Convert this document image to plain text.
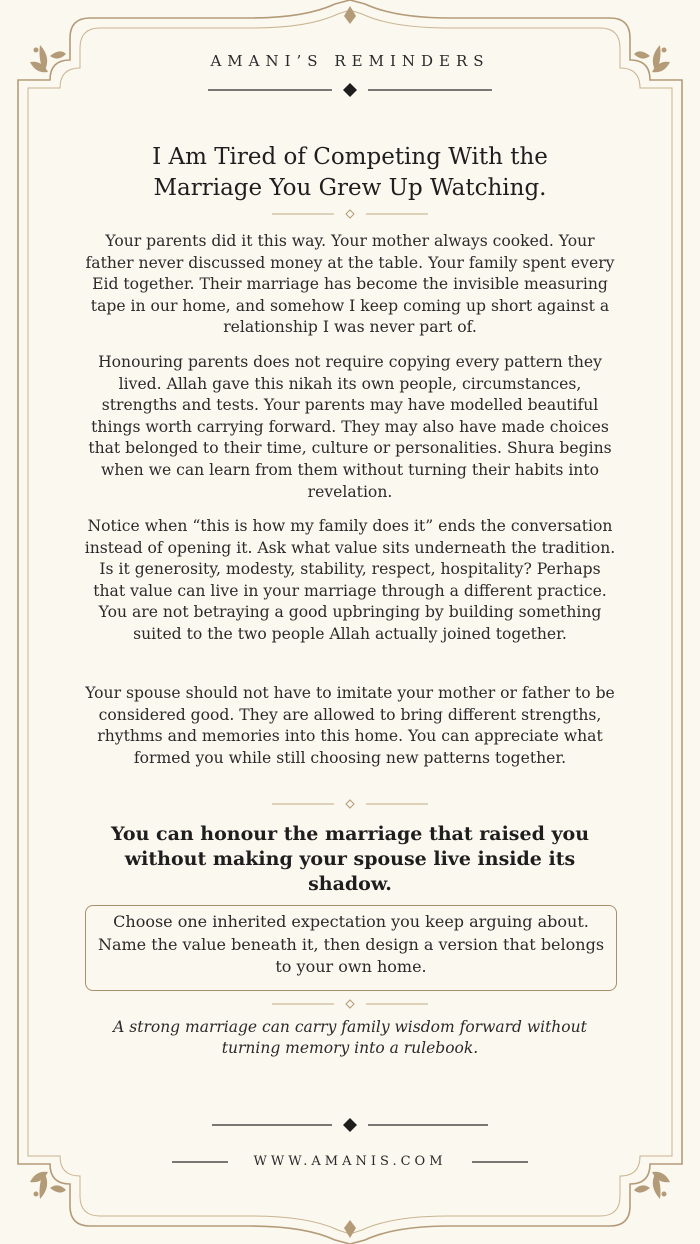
AMANI’S REMINDERS
I Am Tired of Competing With the
Marriage You Grew Up Watching.
Your parents did it this way. Your mother always cooked. Your father never discussed money at the table. Your family spent every Eid together. Their marriage has become the invisible measuring tape in our home, and somehow I keep coming up short against a relationship I was never part of.
Honouring parents does not require copying every pattern they lived. Allah gave this nikah its own people, circumstances, strengths and tests. Your parents may have modelled beautiful things worth carrying forward. They may also have made choices that belonged to their time, culture or personalities. Shura begins when we can learn from them without turning their habits into revelation.
Notice when “this is how my family does it” ends the conversation instead of opening it. Ask what value sits underneath the tradition. Is it generosity, modesty, stability, respect, hospitality? Perhaps that value can live in your marriage through a different practice. You are not betraying a good upbringing by building something suited to the two people Allah actually joined together.
Your spouse should not have to imitate your mother or father to be considered good. They are allowed to bring different strengths, rhythms and memories into this home. You can appreciate what formed you while still choosing new patterns together.
You can honour the marriage that raised you without making your spouse live inside its shadow.
Choose one inherited expectation you keep arguing about. Name the value beneath it, then design a version that belongs to your own home.
A strong marriage can carry family wisdom forward without turning memory into a rulebook.
WWW.AMANIS.COM
